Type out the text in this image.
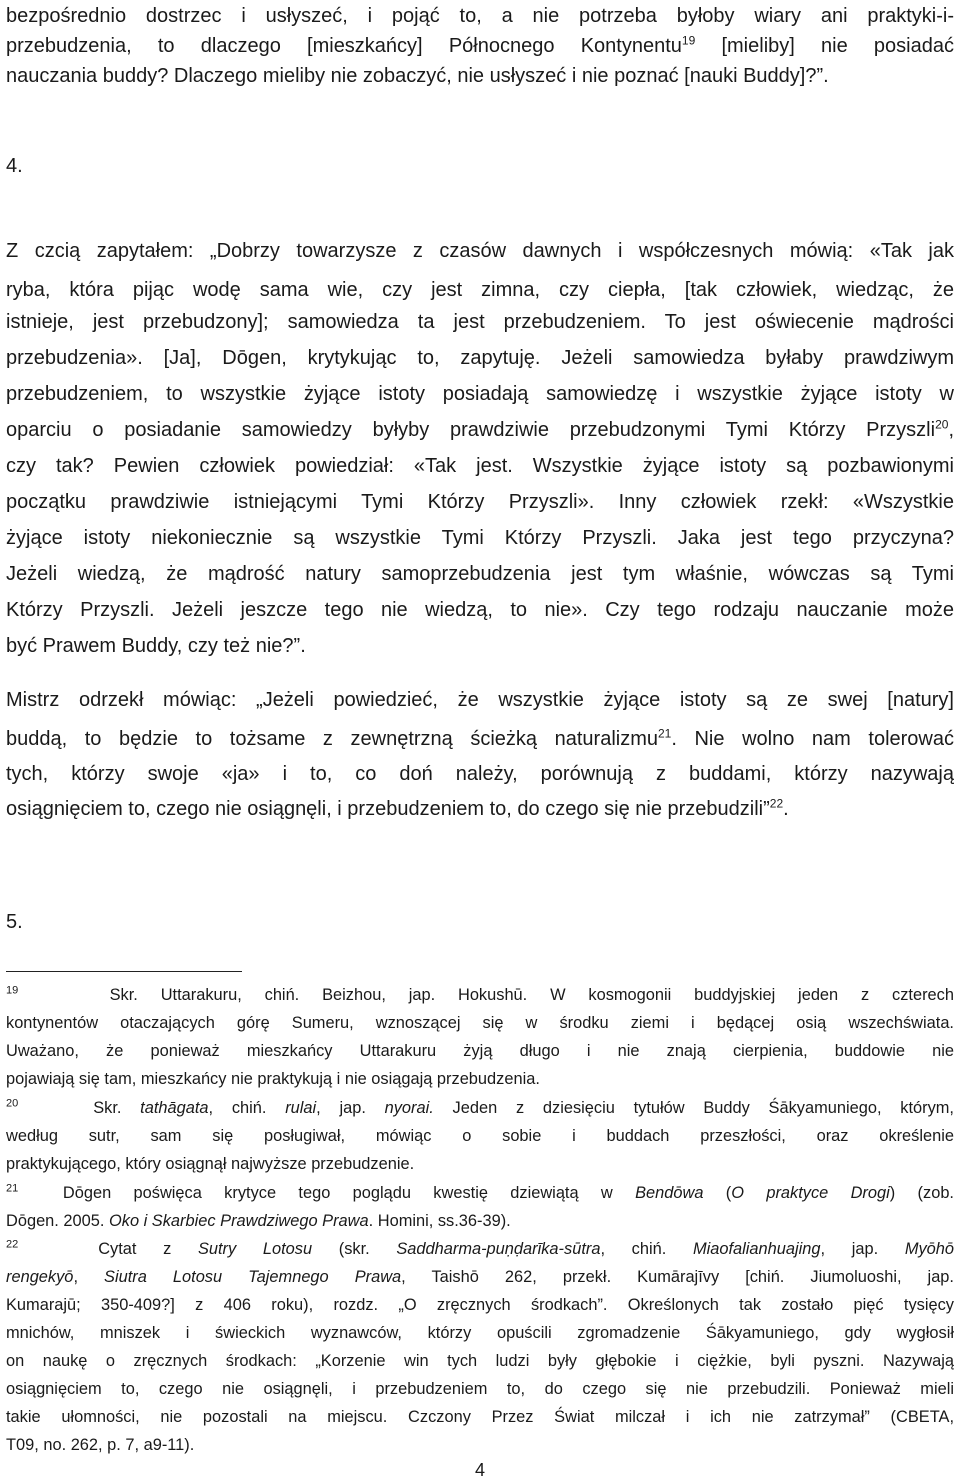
bezpośrednio dostrzec i usłyszeć, i pojąć to, a nie potrzeba byłoby wiary ani praktyki-i-
przebudzenia, to dlaczego [mieszkańcy] Północnego Kontynentu$^{19}$ [mieliby] nie posiadać
nauczania buddy? Dlaczego mieliby nie zobaczyć, nie usłyszeć i nie poznać [nauki Buddy]?”.
4.
Z czcią zapytałem: „Dobrzy towarzysze z czasów dawnych i współczesnych mówią: «Tak jak
ryba, która pijąc wodę sama wie, czy jest zimna, czy ciepła, [tak człowiek, wiedząc, że
istnieje, jest przebudzony]; samowiedza ta jest przebudzeniem. To jest oświecenie mądrości
przebudzenia». [Ja], Dōgen, krytykując to, zapytuję. Jeżeli samowiedza byłaby prawdziwym
przebudzeniem, to wszystkie żyjące istoty posiadają samowiedzę i wszystkie żyjące istoty w
oparciu o posiadanie samowiedzy byłyby prawdziwie przebudzonymi Tymi Którzy Przyszli$^{20}$,
czy tak? Pewien człowiek powiedział: «Tak jest. Wszystkie żyjące istoty są pozbawionymi
początku prawdziwie istniejącymi Tymi Którzy Przyszli». Inny człowiek rzekł: «Wszystkie
żyjące istoty niekoniecznie są wszystkie Tymi Którzy Przyszli. Jaka jest tego przyczyna?
Jeżeli wiedzą, że mądrość natury samoprzebudzenia jest tym właśnie, wówczas są Tymi
Którzy Przyszli. Jeżeli jeszcze tego nie wiedzą, to nie». Czy tego rodzaju nauczanie może
być Prawem Buddy, czy też nie?”.
Mistrz odrzekł mówiąc: „Jeżeli powiedzieć, że wszystkie żyjące istoty są ze swej [natury]
buddą, to będzie to tożsame z zewnętrzną ścieżką naturalizmu$^{21}$. Nie wolno nam tolerować
tych, którzy swoje «ja» i to, co doń należy, porównują z buddami, którzy nazywają
osiągnięciem to, czego nie osiągnęli, i przebudzeniem to, do czego się nie przebudzili”$^{22}$.
5.
$^{19}$	Skr. Uttarakuru, chiń. Beizhou, jap. Hokushū. W kosmogonii buddyjskiej jeden z czterech
kontynentów otaczających górę Sumeru, wznoszącej się w środku ziemi i będącej osią wszechświata.
Uważano, że ponieważ mieszkańcy Uttarakuru żyją długo i nie znają cierpienia, buddowie nie
pojawiają się tam, mieszkańcy nie praktykują i nie osiągają przebudzenia.
$^{20}$	Skr. tathāgata, chiń. rulai, jap. nyorai. Jeden z dziesięciu tytułów Buddy Śākyamuniego, którym,
według sutr, sam się posługiwał, mówiąc o sobie i buddach przeszłości, oraz określenie
praktykującego, który osiągnął najwyższe przebudzenie.
$^{21}$	Dōgen poświęca krytyce tego poglądu kwestię dziewiątą w Bendōwa (O praktyce Drogi) (zob.
Dōgen. 2005. Oko i Skarbiec Prawdziwego Prawa. Homini, ss.36-39).
$^{22}$	Cytat z Sutry Lotosu (skr. Saddharma-puṇḍarīka-sūtra, chiń. Miaofalianhuajing, jap. Myōhō
rengekyō, Siutra Lotosu Tajemnego Prawa, Taishō 262, przekł. Kumārajīvy [chiń. Jiumoluoshi, jap.
Kumarajū; 350-409?] z 406 roku), rozdz. „O zręcznych środkach”. Określonych tak zostało pięć tysięcy
mnichów, mniszek i świeckich wyznawców, którzy opuścili zgromadzenie Śākyamuniego, gdy wygłosił
on naukę o zręcznych środkach: „Korzenie win tych ludzi były głębokie i ciężkie, byli pyszni. Nazywają
osiągnięciem to, czego nie osiągnęli, i przebudzeniem to, do czego się nie przebudzili. Ponieważ mieli
takie ułomności, nie pozostali na miejscu. Czczony Przez Świat milczał i ich nie zatrzymał” (CBETA,
T09, no. 262, p. 7, a9-11).
4
